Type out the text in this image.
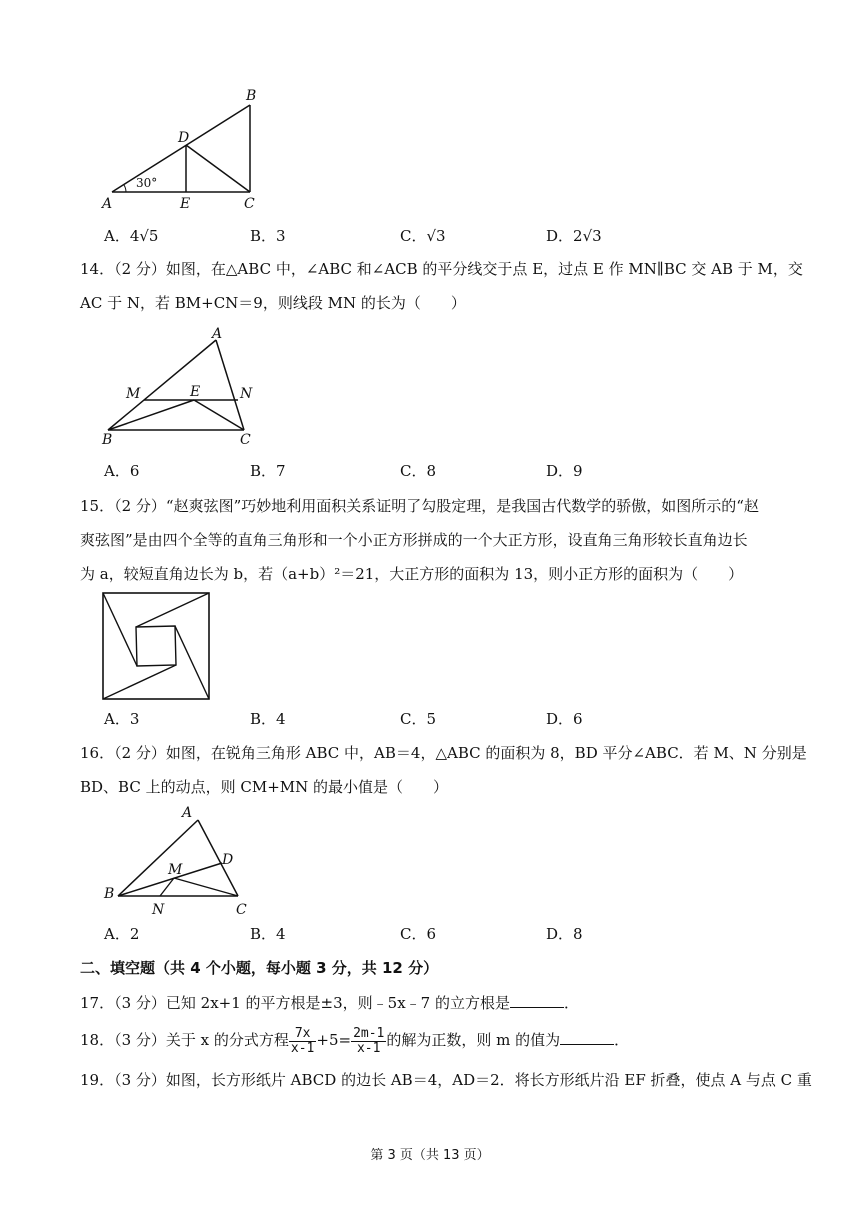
B
D
A	E	C
30°
A．4√5	B．3	C．√3	D．2√3
14．（2 分）如图，在△ABC 中，∠ABC 和∠ACB 的平分线交于点 E，过点 E 作 MN∥BC 交 AB 于 M，交
AC 于 N，若 BM+CN＝9，则线段 MN 的长为（　　）
A
M	E	N
B	C
A．6	B．7	C．8	D．9
15．（2 分）“赵爽弦图”巧妙地利用面积关系证明了勾股定理，是我国古代数学的骄傲，如图所示的“赵
爽弦图”是由四个全等的直角三角形和一个小正方形拼成的一个大正方形，设直角三角形较长直角边长
为 a，较短直角边长为 b，若（a+b）²＝21，大正方形的面积为 13，则小正方形的面积为（　　）
A．3	B．4	C．5	D．6
16．（2 分）如图，在锐角三角形 ABC 中，AB＝4，△ABC 的面积为 8，BD 平分∠ABC．若 M、N 分别是
BD、BC 上的动点，则 CM+MN 的最小值是（　　）
A
D
M
B
N	C
A．2	B．4	C．6	D．8
二、填空题（共 4 个小题，每小题 3 分，共 12 分）
17．（3 分）已知 2x+1 的平方根是±3，则﹣5x﹣7 的立方根是	．
18．（3 分）关于 x 的分式方程 $\frac{7x}{x-1} +5= \frac{2m-1}{x-1}$ 的解为正数，则 m 的值为	．
19．（3 分）如图，长方形纸片 ABCD 的边长 AB＝4，AD＝2．将长方形纸片沿 EF 折叠，使点 A 与点 C 重
第 3 页（共 13 页）
